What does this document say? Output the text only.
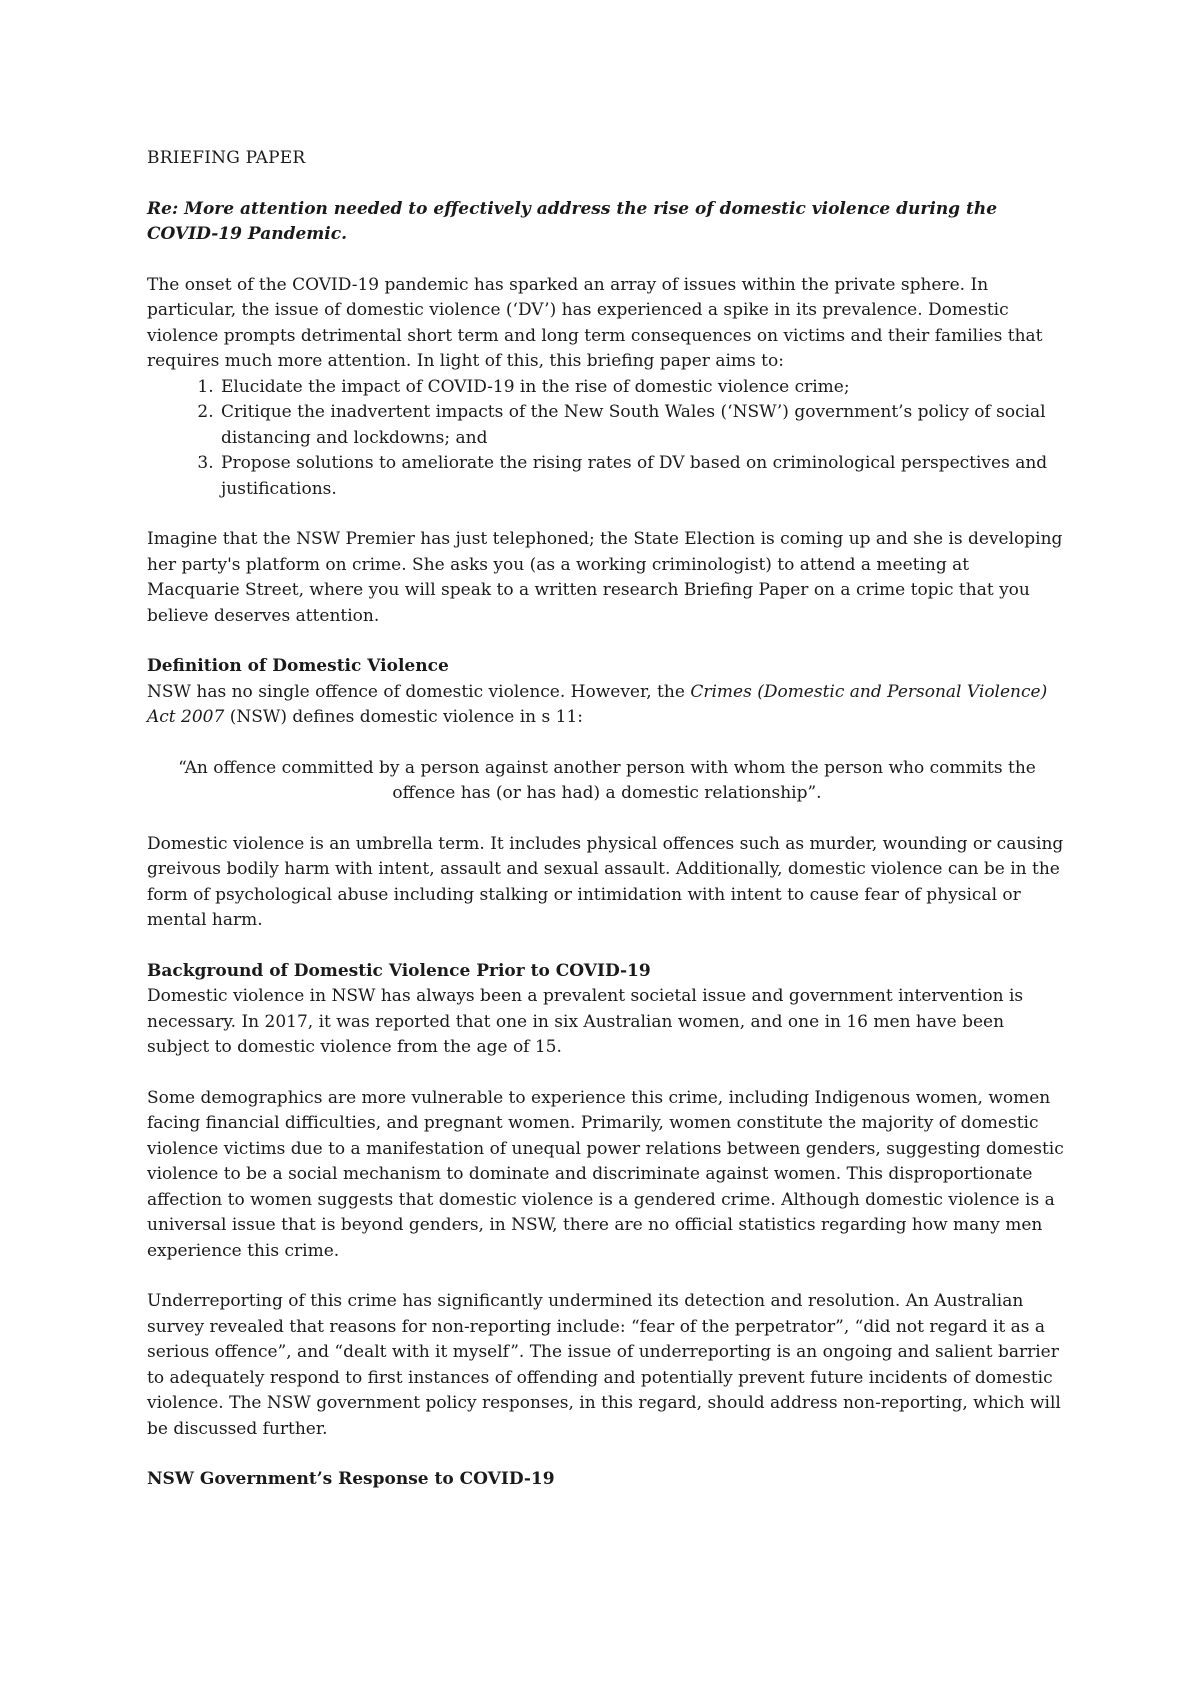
BRIEFING PAPER

Re: More attention needed to effectively address the rise of domestic violence during the COVID-19 Pandemic.

The onset of the COVID-19 pandemic has sparked an array of issues within the private sphere. In particular, the issue of domestic violence (‘DV’) has experienced a spike in its prevalence. Domestic violence prompts detrimental short term and long term consequences on victims and their families that requires much more attention. In light of this, this briefing paper aims to:

1. Elucidate the impact of COVID-19 in the rise of domestic violence crime;
2. Critique the inadvertent impacts of the New South Wales (‘NSW’) government’s policy of social distancing and lockdowns; and
3. Propose solutions to ameliorate the rising rates of DV based on criminological perspectives and justifications.

Imagine that the NSW Premier has just telephoned; the State Election is coming up and she is developing her party's platform on crime. She asks you (as a working criminologist) to attend a meeting at Macquarie Street, where you will speak to a written research Briefing Paper on a crime topic that you believe deserves attention.

Definition of Domestic Violence

NSW has no single offence of domestic violence. However, the Crimes (Domestic and Personal Violence) Act 2007 (NSW) defines domestic violence in s 11:

“An offence committed by a person against another person with whom the person who commits the offence has (or has had) a domestic relationship”.

Domestic violence is an umbrella term. It includes physical offences such as murder, wounding or causing greivous bodily harm with intent, assault and sexual assault. Additionally, domestic violence can be in the form of psychological abuse including stalking or intimidation with intent to cause fear of physical or mental harm.

Background of Domestic Violence Prior to COVID-19

Domestic violence in NSW has always been a prevalent societal issue and government intervention is necessary. In 2017, it was reported that one in six Australian women, and one in 16 men have been subject to domestic violence from the age of 15.

Some demographics are more vulnerable to experience this crime, including Indigenous women, women facing financial difficulties, and pregnant women. Primarily, women constitute the majority of domestic violence victims due to a manifestation of unequal power relations between genders, suggesting domestic violence to be a social mechanism to dominate and discriminate against women. This disproportionate affection to women suggests that domestic violence is a gendered crime. Although domestic violence is a universal issue that is beyond genders, in NSW, there are no official statistics regarding how many men experience this crime.

Underreporting of this crime has significantly undermined its detection and resolution. An Australian survey revealed that reasons for non-reporting include: “fear of the perpetrator”, “did not regard it as a serious offence”, and “dealt with it myself”. The issue of underreporting is an ongoing and salient barrier to adequately respond to first instances of offending and potentially prevent future incidents of domestic violence. The NSW government policy responses, in this regard, should address non-reporting, which will be discussed further.

NSW Government’s Response to COVID-19
